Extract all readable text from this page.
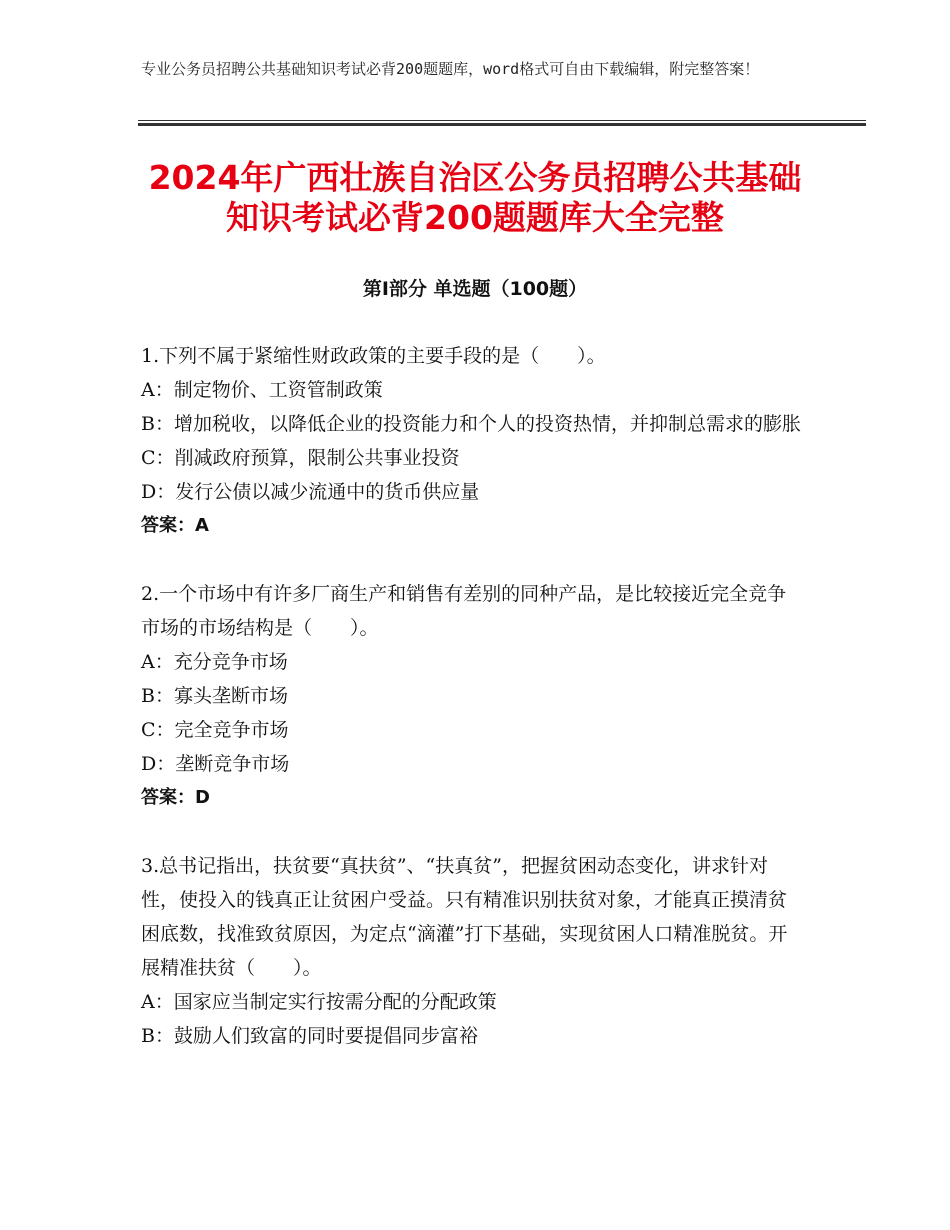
专业公务员招聘公共基础知识考试必背200题题库，word格式可自由下载编辑，附完整答案！
2024年广西壮族自治区公务员招聘公共基础
知识考试必背200题题库大全完整
第Ⅰ部分 单选题（100题）

1.下列不属于紧缩性财政政策的主要手段的是（　　）。

A：制定物价、工资管制政策

B：增加税收，以降低企业的投资能力和个人的投资热情，并抑制总需求的膨胀

C：削减政府预算，限制公共事业投资

D：发行公债以减少流通中的货币供应量

答案：A

2.一个市场中有许多厂商生产和销售有差别的同种产品，是比较接近完全竞争市场的市场结构是（　　）。

A：充分竞争市场

B：寡头垄断市场

C：完全竞争市场

D：垄断竞争市场

答案：D

3.总书记指出，扶贫要“真扶贫”、“扶真贫”，把握贫困动态变化，讲求针对性，使投入的钱真正让贫困户受益。只有精准识别扶贫对象，才能真正摸清贫困底数，找准致贫原因，为定点“滴灌”打下基础，实现贫困人口精准脱贫。开展精准扶贫（　　）。

A：国家应当制定实行按需分配的分配政策

B：鼓励人们致富的同时要提倡同步富裕
